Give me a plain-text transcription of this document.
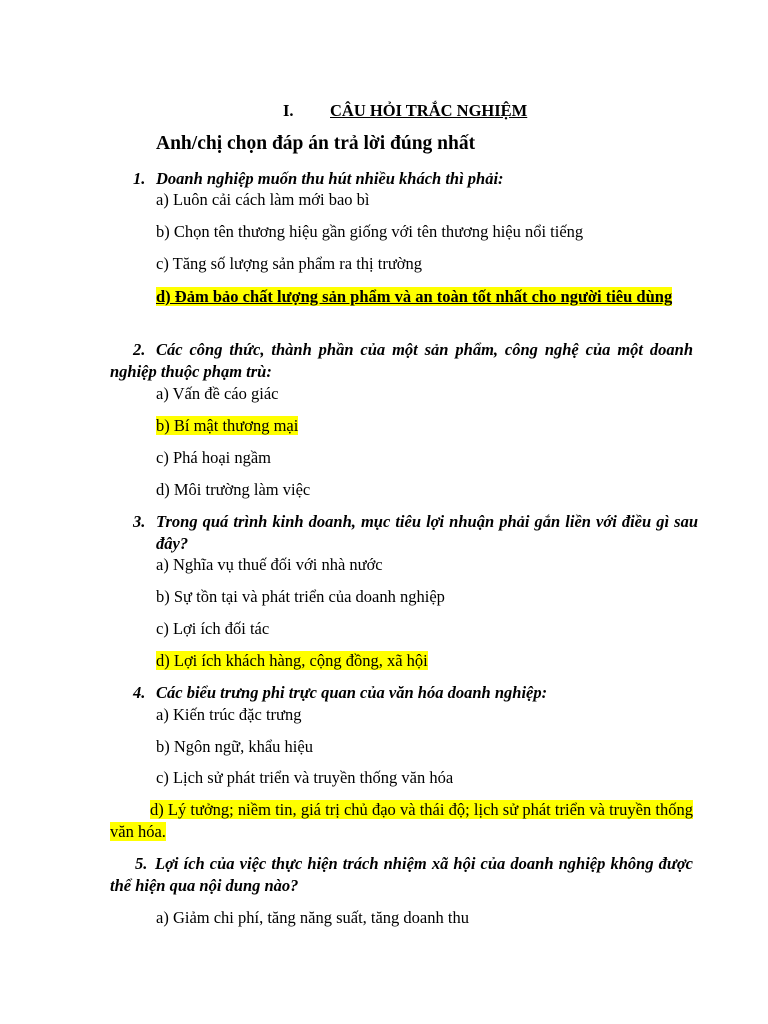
I. CÂU HỎI TRẮC NGHIỆM
Anh/chị chọn đáp án trả lời đúng nhất
1. Doanh nghiệp muốn thu hút nhiều khách thì phải:
a) Luôn cải cách làm mới bao bì
b) Chọn tên thương hiệu gần giống với tên thương hiệu nổi tiếng
c) Tăng số lượng sản phẩm ra thị trường
d) Đảm bảo chất lượng sản phẩm và an toàn tốt nhất cho người tiêu dùng
2. Các công thức, thành phần của một sản phẩm, công nghệ của một doanh nghiệp thuộc phạm trù:
a) Vấn đề cáo giác
b) Bí mật thương mại
c) Phá hoại ngầm
d) Môi trường làm việc
3. Trong quá trình kinh doanh, mục tiêu lợi nhuận phải gắn liền với điều gì sau đây?
a) Nghĩa vụ thuế đối với nhà nước
b) Sự tồn tại và phát triển của doanh nghiệp
c) Lợi ích đối tác
d) Lợi ích khách hàng, cộng đồng, xã hội
4. Các biểu trưng phi trực quan của văn hóa doanh nghiệp:
a) Kiến trúc đặc trưng
b) Ngôn ngữ, khẩu hiệu
c) Lịch sử phát triển và truyền thống văn hóa
d) Lý tưởng; niềm tin, giá trị chủ đạo và thái độ; lịch sử phát triển và truyền thống văn hóa.
5. Lợi ích của việc thực hiện trách nhiệm xã hội của doanh nghiệp không được thể hiện qua nội dung nào?
a) Giảm chi phí, tăng năng suất, tăng doanh thu
